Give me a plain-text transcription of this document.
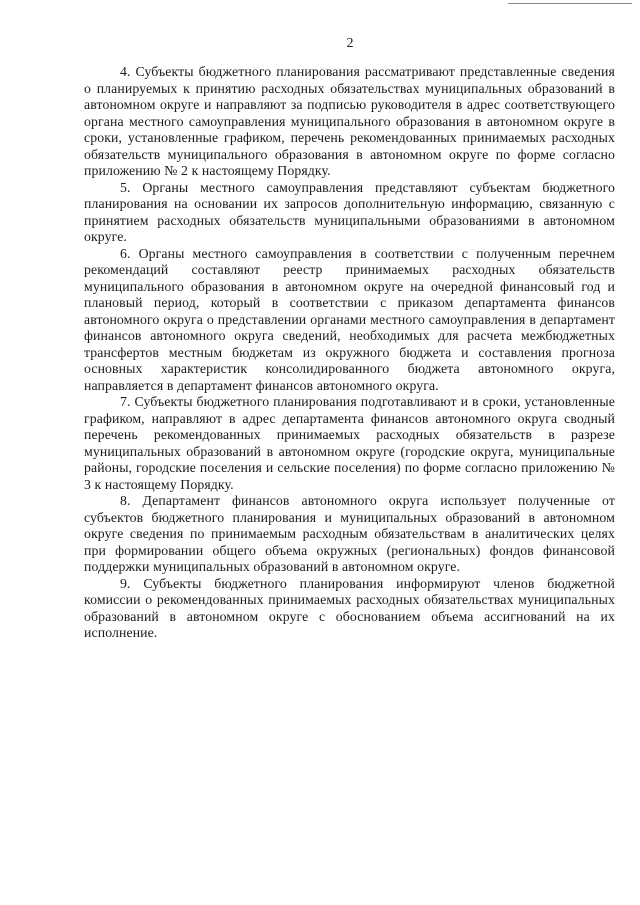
2

4. Субъекты бюджетного планирования рассматривают представленные сведения о планируемых к принятию расходных обязательствах муниципальных образований в автономном округе и направляют за подписью руководителя в адрес соответствующего органа местного самоуправления муниципального образования в автономном округе в сроки, установленные графиком, перечень рекомендованных принимаемых расходных обязательств муниципального образования в автономном округе по форме согласно приложению № 2 к настоящему Порядку.

5. Органы местного самоуправления представляют субъектам бюджетного планирования на основании их запросов дополнительную информацию, связанную с принятием расходных обязательств муниципальными образованиями в автономном округе.

6. Органы местного самоуправления в соответствии с полученным перечнем рекомендаций составляют реестр принимаемых расходных обязательств муниципального образования в автономном округе на очередной финансовый год и плановый период, который в соответствии с приказом департамента финансов автономного округа о представлении органами местного самоуправления в департамент финансов автономного округа сведений, необходимых для расчета межбюджетных трансфертов местным бюджетам из окружного бюджета и составления прогноза основных характеристик консолидированного бюджета автономного округа, направляется в департамент финансов автономного округа.

7. Субъекты бюджетного планирования подготавливают и в сроки, установленные графиком, направляют в адрес департамента финансов автономного округа сводный перечень рекомендованных принимаемых расходных обязательств в разрезе муниципальных образований в автономном округе (городские округа, муниципальные районы, городские поселения и сельские поселения) по форме согласно приложению № 3 к настоящему Порядку.

8. Департамент финансов автономного округа использует полученные от субъектов бюджетного планирования и муниципальных образований в автономном округе сведения по принимаемым расходным обязательствам в аналитических целях при формировании общего объема окружных (региональных) фондов финансовой поддержки муниципальных образований в автономном округе.

9. Субъекты бюджетного планирования информируют членов бюджетной комиссии о рекомендованных принимаемых расходных обязательствах муниципальных образований в автономном округе с обоснованием объема ассигнований на их исполнение.
